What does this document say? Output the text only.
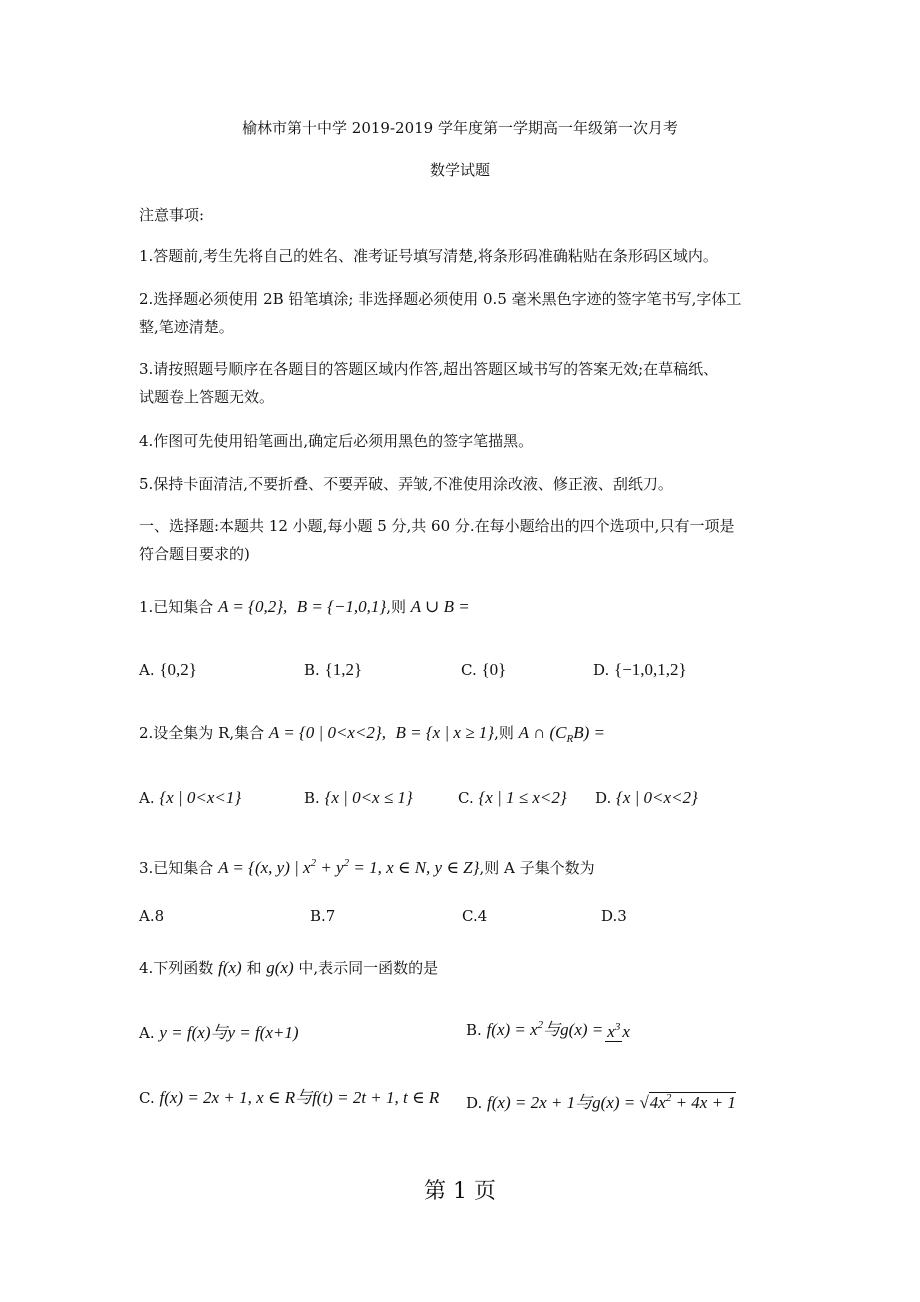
榆林市第十中学 2019-2019 学年度第一学期高一年级第一次月考
数学试题
注意事项:
1.答题前,考生先将自己的姓名、准考证号填写清楚,将条形码准确粘贴在条形码区域内。
2.选择题必须使用 2B 铅笔填涂; 非选择题必须使用 0.5 毫米黑色字迹的签字笔书写,字体工
整,笔迹清楚。
3.请按照题号顺序在各题目的答题区域内作答,超出答题区域书写的答案无效;在草稿纸、
试题卷上答题无效。
4.作图可先使用铅笔画出,确定后必须用黑色的签字笔描黑。
5.保持卡面清洁,不要折叠、不要弄破、弄皱,不准使用涂改液、修正液、刮纸刀。
一、选择题:本题共 12 小题,每小题 5 分,共 60 分.在每小题给出的四个选项中,只有一项是
符合题目要求的)
1.已知集合 A = {0,2}, B = {−1,0,1},则 A ∪ B =
A. {0,2}	B. {1,2}	C. {0}	D. {−1,0,1,2}
2.设全集为 R,集合 A = {0 | 0<x<2}, B = {x | x ≥ 1},则 A ∩ $(C_RB)$ =
A. {x | 0<x<1}	B. {x | 0<x ≤ 1}	C. {x | 1 ≤ x<2} D. {x | 0<x<2}
3.已知集合 A = {(x, y) | $x^2 + y^2 = 1$, x ∈ N, y ∈ Z},则 A 子集个数为
A.8	B.7	C.4	D.3
4.下列函数 f(x) 和 g(x) 中,表示同一函数的是
A. y = f(x)与y = f(x+1)	B. $f(x) = x^2$与$g(x) = x^3$ x
C. f(x) = 2x + 1, x ∈ R与f(t) = 2t + 1, t ∈ R D. f(x) = 2x + 1与$g(x) = √4x^2 + 4x + 1$
第 1 页
